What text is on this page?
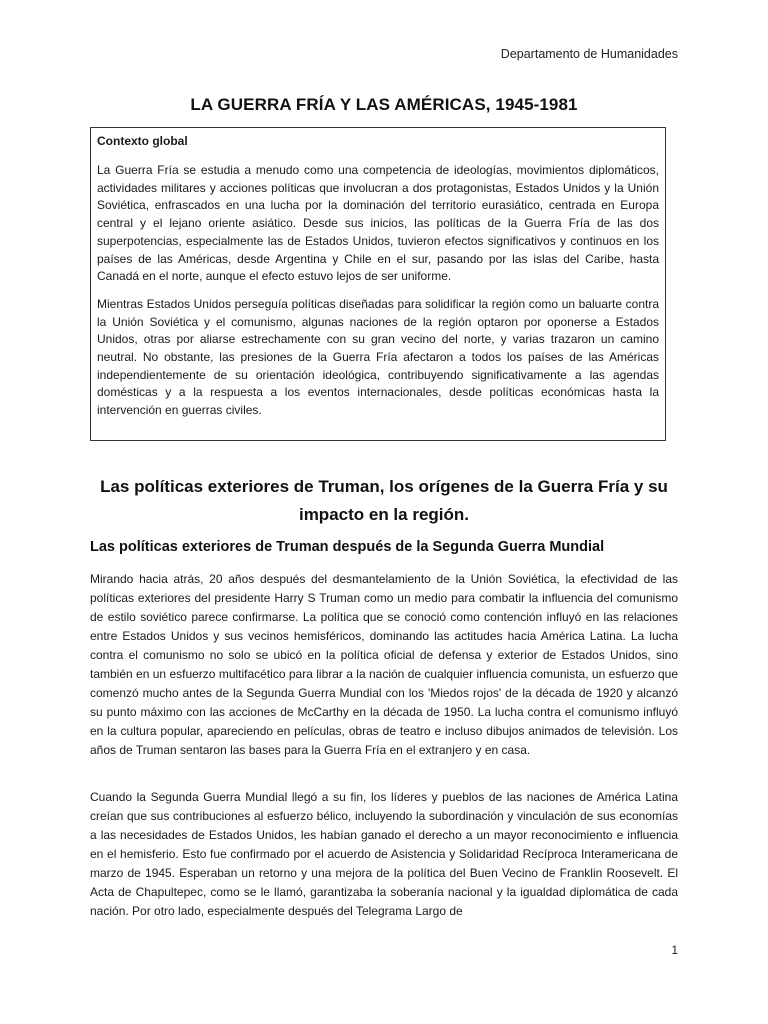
Departamento de Humanidades
LA GUERRA FRÍA Y LAS AMÉRICAS, 1945-1981
Contexto global

La Guerra Fría se estudia a menudo como una competencia de ideologías, movimientos diplomáticos, actividades militares y acciones políticas que involucran a dos protagonistas, Estados Unidos y la Unión Soviética, enfrascados en una lucha por la dominación del territorio eurasiático, centrada en Europa central y el lejano oriente asiático. Desde sus inicios, las políticas de la Guerra Fría de las dos superpotencias, especialmente las de Estados Unidos, tuvieron efectos significativos y continuos en los países de las Américas, desde Argentina y Chile en el sur, pasando por las islas del Caribe, hasta Canadá en el norte, aunque el efecto estuvo lejos de ser uniforme.

Mientras Estados Unidos perseguía políticas diseñadas para solidificar la región como un baluarte contra la Unión Soviética y el comunismo, algunas naciones de la región optaron por oponerse a Estados Unidos, otras por aliarse estrechamente con su gran vecino del norte, y varias trazaron un camino neutral. No obstante, las presiones de la Guerra Fría afectaron a todos los países de las Américas independientemente de su orientación ideológica, contribuyendo significativamente a las agendas domésticas y a la respuesta a los eventos internacionales, desde políticas económicas hasta la intervención en guerras civiles.

Las políticas exteriores de Truman, los orígenes de la Guerra Fría y su impacto en la región.
Las políticas exteriores de Truman después de la Segunda Guerra Mundial

Mirando hacia atrás, 20 años después del desmantelamiento de la Unión Soviética, la efectividad de las políticas exteriores del presidente Harry S Truman como un medio para combatir la influencia del comunismo de estilo soviético parece confirmarse. La política que se conoció como contención influyó en las relaciones entre Estados Unidos y sus vecinos hemisféricos, dominando las actitudes hacia América Latina. La lucha contra el comunismo no solo se ubicó en la política oficial de defensa y exterior de Estados Unidos, sino también en un esfuerzo multifacético para librar a la nación de cualquier influencia comunista, un esfuerzo que comenzó mucho antes de la Segunda Guerra Mundial con los 'Miedos rojos' de la década de 1920 y alcanzó su punto máximo con las acciones de McCarthy en la década de 1950. La lucha contra el comunismo influyó en la cultura popular, apareciendo en películas, obras de teatro e incluso dibujos animados de televisión. Los años de Truman sentaron las bases para la Guerra Fría en el extranjero y en casa.

Cuando la Segunda Guerra Mundial llegó a su fin, los líderes y pueblos de las naciones de América Latina creían que sus contribuciones al esfuerzo bélico, incluyendo la subordinación y vinculación de sus economías a las necesidades de Estados Unidos, les habían ganado el derecho a un mayor reconocimiento e influencia en el hemisferio. Esto fue confirmado por el acuerdo de Asistencia y Solidaridad Recíproca Interamericana de marzo de 1945. Esperaban un retorno y una mejora de la política del Buen Vecino de Franklin Roosevelt. El Acta de Chapultepec, como se le llamó, garantizaba la soberanía nacional y la igualdad diplomática de cada nación. Por otro lado, especialmente después del Telegrama Largo de

1
